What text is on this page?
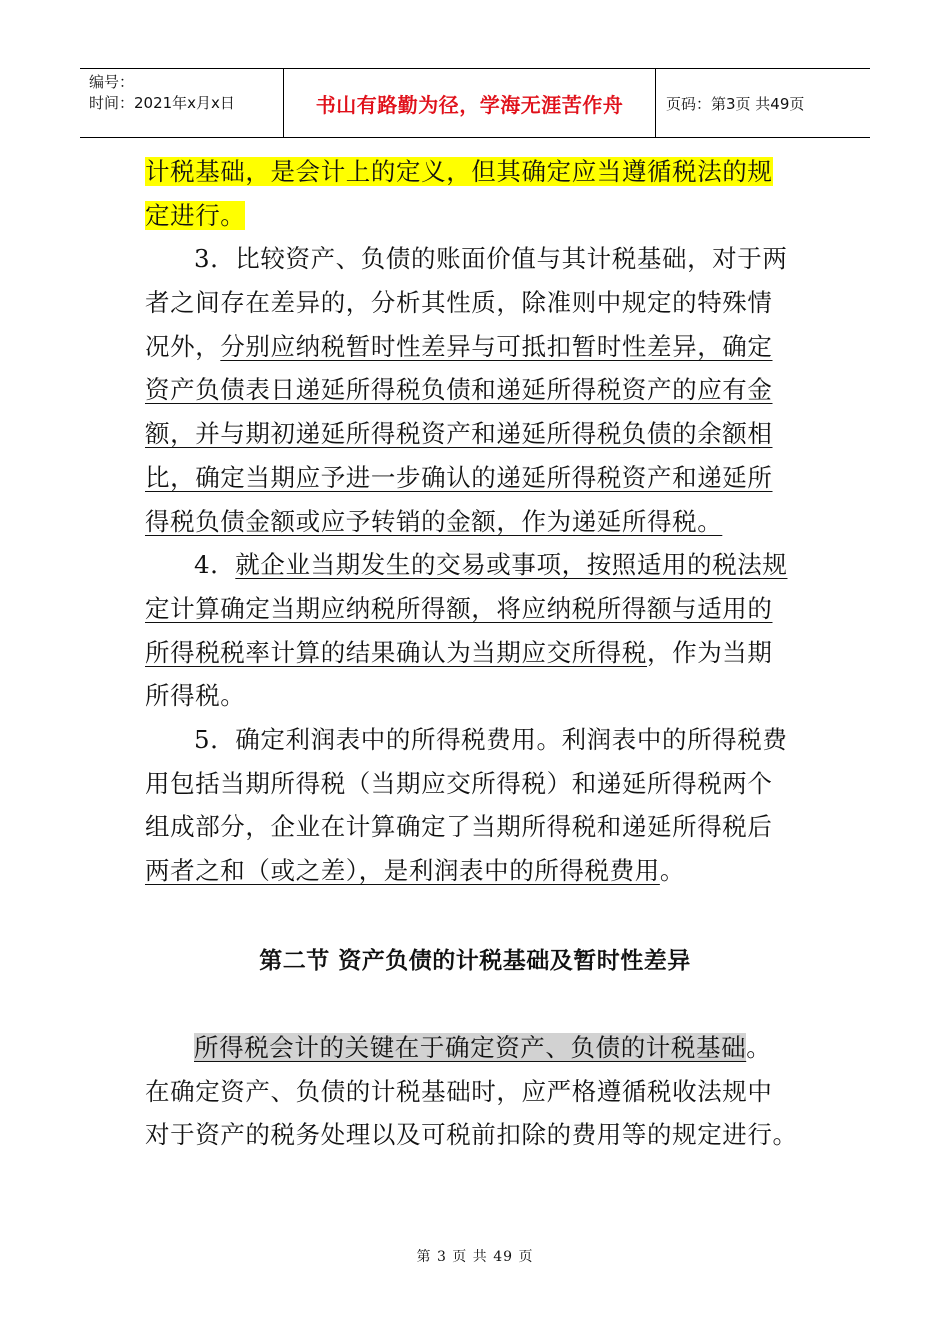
编号：
时间：2021年x月x日	书山有路勤为径，学海无涯苦作舟	页码：第3页 共49页
计税基础，是会计上的定义，但其确定应当遵循税法的规
定进行。
3．比较资产、负债的账面价值与其计税基础，对于两
者之间存在差异的，分析其性质，除准则中规定的特殊情
况外，分别应纳税暂时性差异与可抵扣暂时性差异，确定
资产负债表日递延所得税负债和递延所得税资产的应有金
额，并与期初递延所得税资产和递延所得税负债的余额相
比，确定当期应予进一步确认的递延所得税资产和递延所
得税负债金额或应予转销的金额，作为递延所得税。
4．就企业当期发生的交易或事项，按照适用的税法规
定计算确定当期应纳税所得额，将应纳税所得额与适用的
所得税税率计算的结果确认为当期应交所得税，作为当期
所得税。
5．确定利润表中的所得税费用。利润表中的所得税费
用包括当期所得税（当期应交所得税）和递延所得税两个
组成部分，企业在计算确定了当期所得税和递延所得税后
两者之和（或之差），是利润表中的所得税费用。
第二节 资产负债的计税基础及暂时性差异
所得税会计的关键在于确定资产、负债的计税基础。
在确定资产、负债的计税基础时，应严格遵循税收法规中
对于资产的税务处理以及可税前扣除的费用等的规定进行。
第 3 页 共 49 页
